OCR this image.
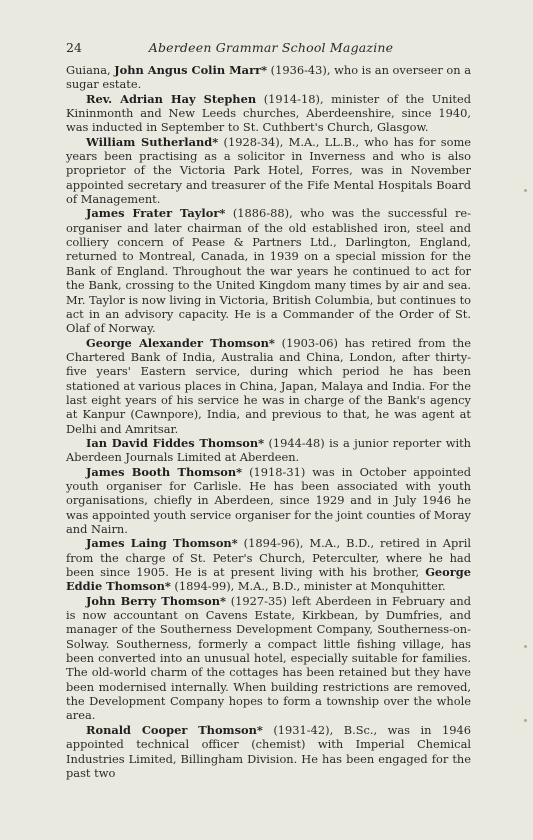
24	Aberdeen Grammar School Magazine

Guiana, John Angus Colin Marr* (1936-43), who is an overseer on a sugar estate.

Rev. Adrian Hay Stephen (1914-18), minister of the United Kininmonth and New Leeds churches, Aberdeenshire, since 1940, was inducted in September to St. Cuthbert's Church, Glasgow.

William Sutherland* (1928-34), M.A., LL.B., who has for some years been practising as a solicitor in Inverness and who is also proprietor of the Victoria Park Hotel, Forres, was in November appointed secretary and treasurer of the Fife Mental Hospitals Board of Management.

James Frater Taylor* (1886-88), who was the successful re-organiser and later chairman of the old established iron, steel and colliery concern of Pease & Partners Ltd., Darlington, England, returned to Montreal, Canada, in 1939 on a special mission for the Bank of England. Throughout the war years he continued to act for the Bank, crossing to the United Kingdom many times by air and sea. Mr. Taylor is now living in Victoria, British Columbia, but continues to act in an advisory capacity. He is a Commander of the Order of St. Olaf of Norway.

George Alexander Thomson* (1903-06) has retired from the Chartered Bank of India, Australia and China, London, after thirty-five years' Eastern service, during which period he has been stationed at various places in China, Japan, Malaya and India. For the last eight years of his service he was in charge of the Bank's agency at Kanpur (Cawnpore), India, and previous to that, he was agent at Delhi and Amritsar.

Ian David Fiddes Thomson* (1944-48) is a junior reporter with Aberdeen Journals Limited at Aberdeen.

James Booth Thomson* (1918-31) was in October appointed youth organiser for Carlisle. He has been associated with youth organisations, chiefly in Aberdeen, since 1929 and in July 1946 he was appointed youth service organiser for the joint counties of Moray and Nairn.

James Laing Thomson* (1894-96), M.A., B.D., retired in April from the charge of St. Peter's Church, Peterculter, where he had been since 1905. He is at present living with his brother, George Eddie Thomson* (1894-99), M.A., B.D., minister at Monquhitter.

John Berry Thomson* (1927-35) left Aberdeen in February and is now accountant on Cavens Estate, Kirkbean, by Dumfries, and manager of the Southerness Development Company, Southerness-on-Solway. Southerness, formerly a compact little fishing village, has been converted into an unusual hotel, especially suitable for families. The old-world charm of the cottages has been retained but they have been modernised internally. When building restrictions are removed, the Development Company hopes to form a township over the whole area.

Ronald Cooper Thomson* (1931-42), B.Sc., was in 1946 appointed technical officer (chemist) with Imperial Chemical Industries Limited, Billingham Division. He has been engaged for the past two
